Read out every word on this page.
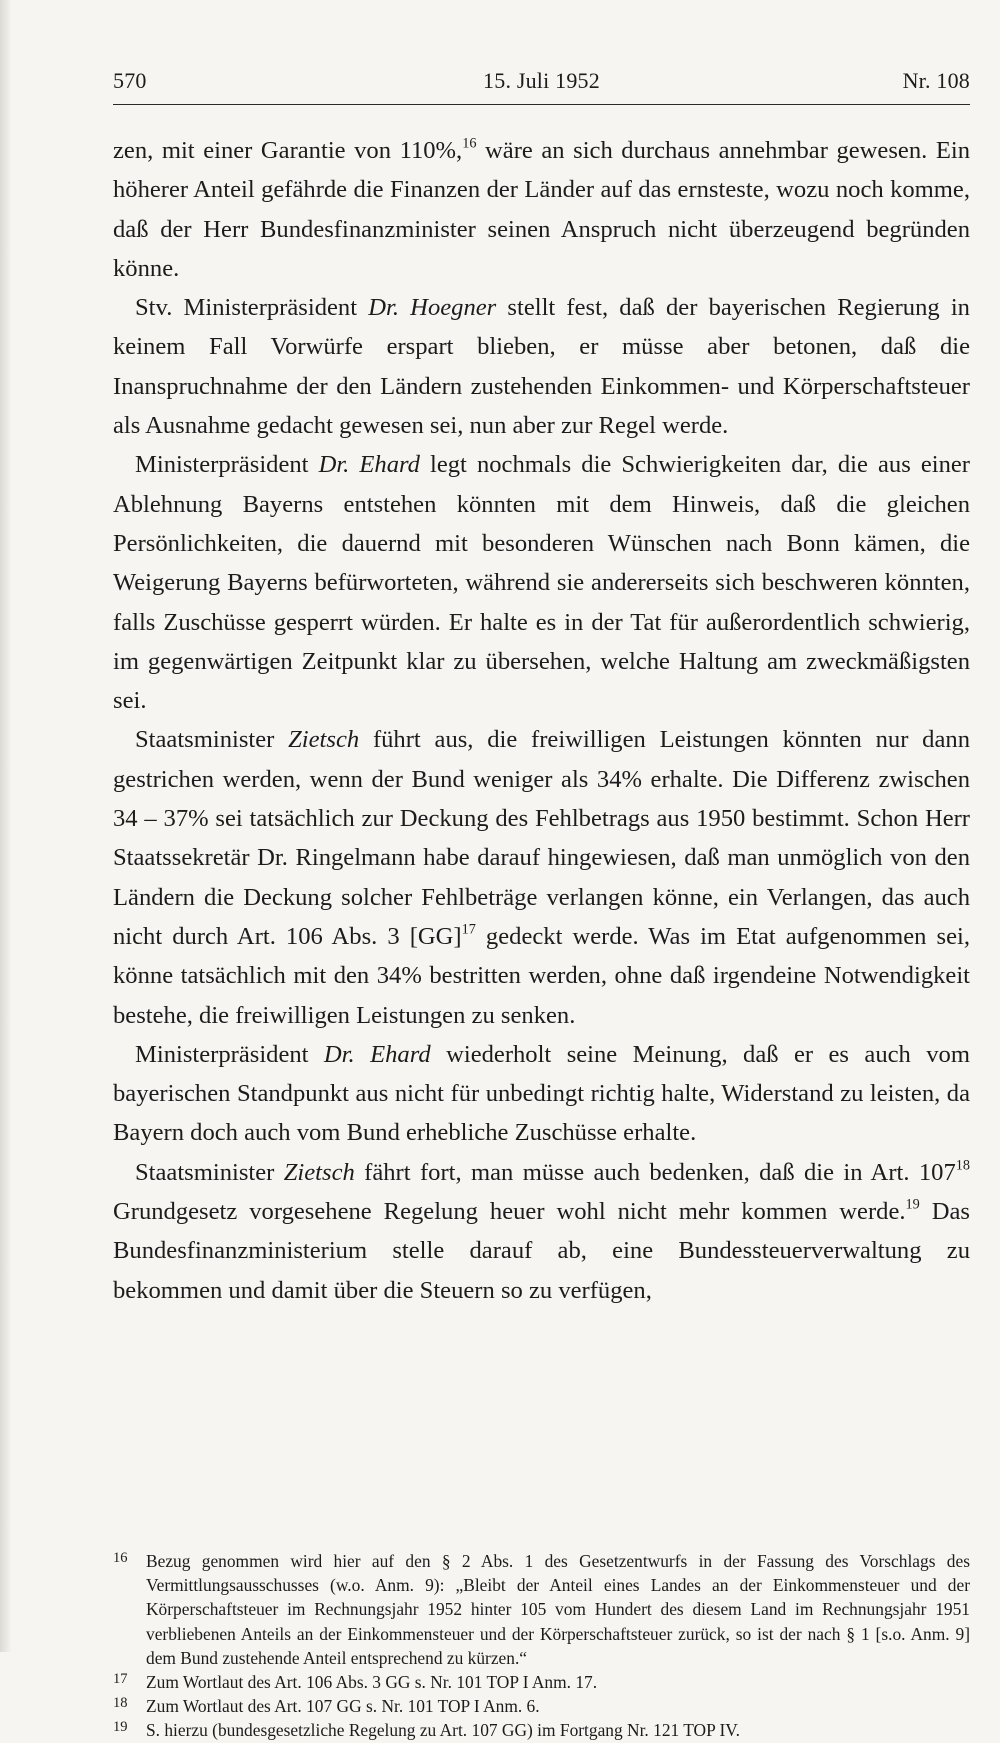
15. Juli 1952
570	Nr. 108

zen, mit einer Garantie von 110%,$^{16}$ wäre an sich durchaus annehmbar gewesen. Ein höherer Anteil gefährde die Finanzen der Länder auf das ernsteste, wozu noch komme, daß der Herr Bundesfinanzminister seinen Anspruch nicht überzeugend begründen könne.

Stv. Ministerpräsident Dr. Hoegner stellt fest, daß der bayerischen Regierung in keinem Fall Vorwürfe erspart blieben, er müsse aber betonen, daß die Inanspruchnahme der den Ländern zustehenden Einkommen- und Körperschaftsteuer als Ausnahme gedacht gewesen sei, nun aber zur Regel werde.

Ministerpräsident Dr. Ehard legt nochmals die Schwierigkeiten dar, die aus einer Ablehnung Bayerns entstehen könnten mit dem Hinweis, daß die gleichen Persönlichkeiten, die dauernd mit besonderen Wünschen nach Bonn kämen, die Weigerung Bayerns befürworteten, während sie andererseits sich beschweren könnten, falls Zuschüsse gesperrt würden. Er halte es in der Tat für außerordentlich schwierig, im gegenwärtigen Zeitpunkt klar zu übersehen, welche Haltung am zweckmäßigsten sei.

Staatsminister Zietsch führt aus, die freiwilligen Leistungen könnten nur dann gestrichen werden, wenn der Bund weniger als 34% erhalte. Die Differenz zwischen 34 – 37% sei tatsächlich zur Deckung des Fehlbetrags aus 1950 bestimmt. Schon Herr Staatssekretär Dr. Ringelmann habe darauf hingewiesen, daß man unmöglich von den Ländern die Deckung solcher Fehlbeträge verlangen könne, ein Verlangen, das auch nicht durch Art. 106 Abs. 3 [GG]$^{17}$ gedeckt werde. Was im Etat aufgenommen sei, könne tatsächlich mit den 34% bestritten werden, ohne daß irgendeine Notwendigkeit bestehe, die freiwilligen Leistungen zu senken.

Ministerpräsident Dr. Ehard wiederholt seine Meinung, daß er es auch vom bayerischen Standpunkt aus nicht für unbedingt richtig halte, Widerstand zu leisten, da Bayern doch auch vom Bund erhebliche Zuschüsse erhalte.

Staatsminister Zietsch fährt fort, man müsse auch bedenken, daß die in Art. $107^{18}$ Grundgesetz vorgesehene Regelung heuer wohl nicht mehr kommen werde.$^{19}$ Das Bundesfinanzministerium stelle darauf ab, eine Bundessteuerverwaltung zu bekommen und damit über die Steuern so zu verfügen,

16 Bezug genommen wird hier auf den § 2 Abs. 1 des Gesetzentwurfs in der Fassung des Vorschlags des Vermittlungsausschusses (w.o. Anm. 9): „Bleibt der Anteil eines Landes an der Einkommensteuer und der Körperschaftsteuer im Rechnungsjahr 1952 hinter 105 vom Hundert des diesem Land im Rechnungsjahr 1951 verbliebenen Anteils an der Einkommensteuer und der Körperschaftsteuer zurück, so ist der nach § 1 [s.o. Anm. 9] dem Bund zustehende Anteil entsprechend zu kürzen.“
17 Zum Wortlaut des Art. 106 Abs. 3 GG s. Nr. 101 TOP I Anm. 17.
18 Zum Wortlaut des Art. 107 GG s. Nr. 101 TOP I Anm. 6.
19 S. hierzu (bundesgesetzliche Regelung zu Art. 107 GG) im Fortgang Nr. 121 TOP IV.
